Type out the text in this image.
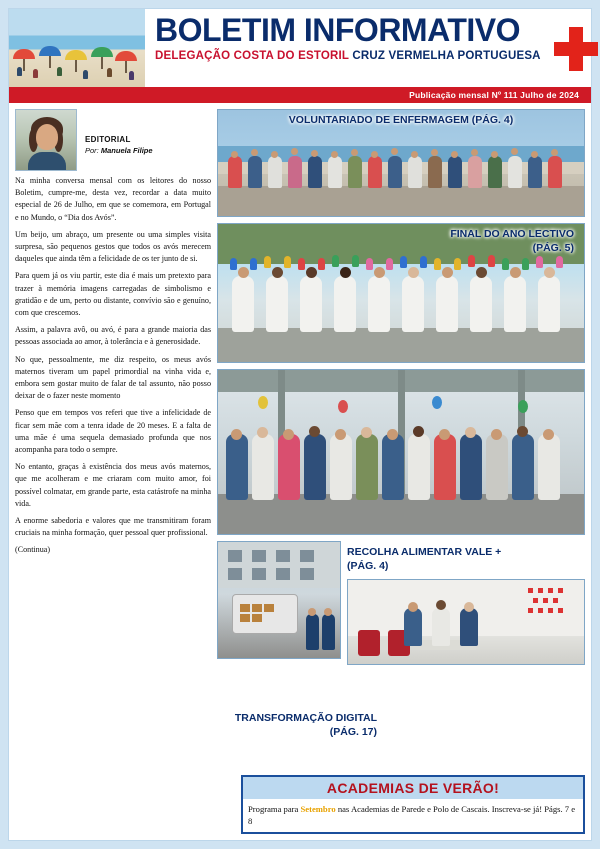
BOLETIM INFORMATIVO
DELEGAÇÃO COSTA DO ESTORIL CRUZ VERMELHA PORTUGUESA
Publicação mensal Nº 111 Julho de 2024
EDITORIAL
Por: Manuela Filipe

Na minha conversa mensal com os leitores do nosso Boletim, cumpre-me, desta vez, recordar a data muito especial de 26 de Julho, em que se comemora, em Portugal e no Mundo, o “Dia dos Avós”.

Um beijo, um abraço, um presente ou uma simples visita surpresa, são pequenos gestos que todos os avós merecem daqueles que ainda têm a felicidade de os ter junto de si.

Para quem já os viu partir, este dia é mais um pretexto para trazer à memória imagens carregadas de simbolismo e gratidão e de um, perto ou distante, convívio são e genuíno, com que crescemos.

Assim, a palavra avô, ou avó, é para a grande maioria das pessoas associada ao amor, à tolerância e à generosidade.

No que, pessoalmente, me diz respeito, os meus avós maternos tiveram um papel primordial na vinha vida e, embora sem gostar muito de falar de tal assunto, não posso deixar de o fazer neste momento

Penso que em tempos vos referi que tive a infelicidade de ficar sem mãe com a tenra idade de 20 meses. E a falta de uma mãe é uma sequela demasiado profunda que nos acompanha para todo o sempre.

No entanto, graças à existência dos meus avós maternos, que me acolheram e me criaram com muito amor, foi possível colmatar, em grande parte, esta catástrofe na minha vida.

A enorme sabedoria e valores que me transmitiram foram cruciais na minha formação, quer pessoal quer profissional.

(Continua)

VOLUNTARIADO DE ENFERMAGEM (PÁG. 4)
FINAL DO ANO LECTIVO
(PÁG. 5)
RECOLHA ALIMENTAR VALE +
(PÁG. 4)
TRANSFORMAÇÃO DIGITAL
(PÁG. 17)
ACADEMIAS DE VERÃO!
Programa para Setembro nas Academias de Parede e Polo de Cascais. Inscreva-se já! Págs. 7 e 8
